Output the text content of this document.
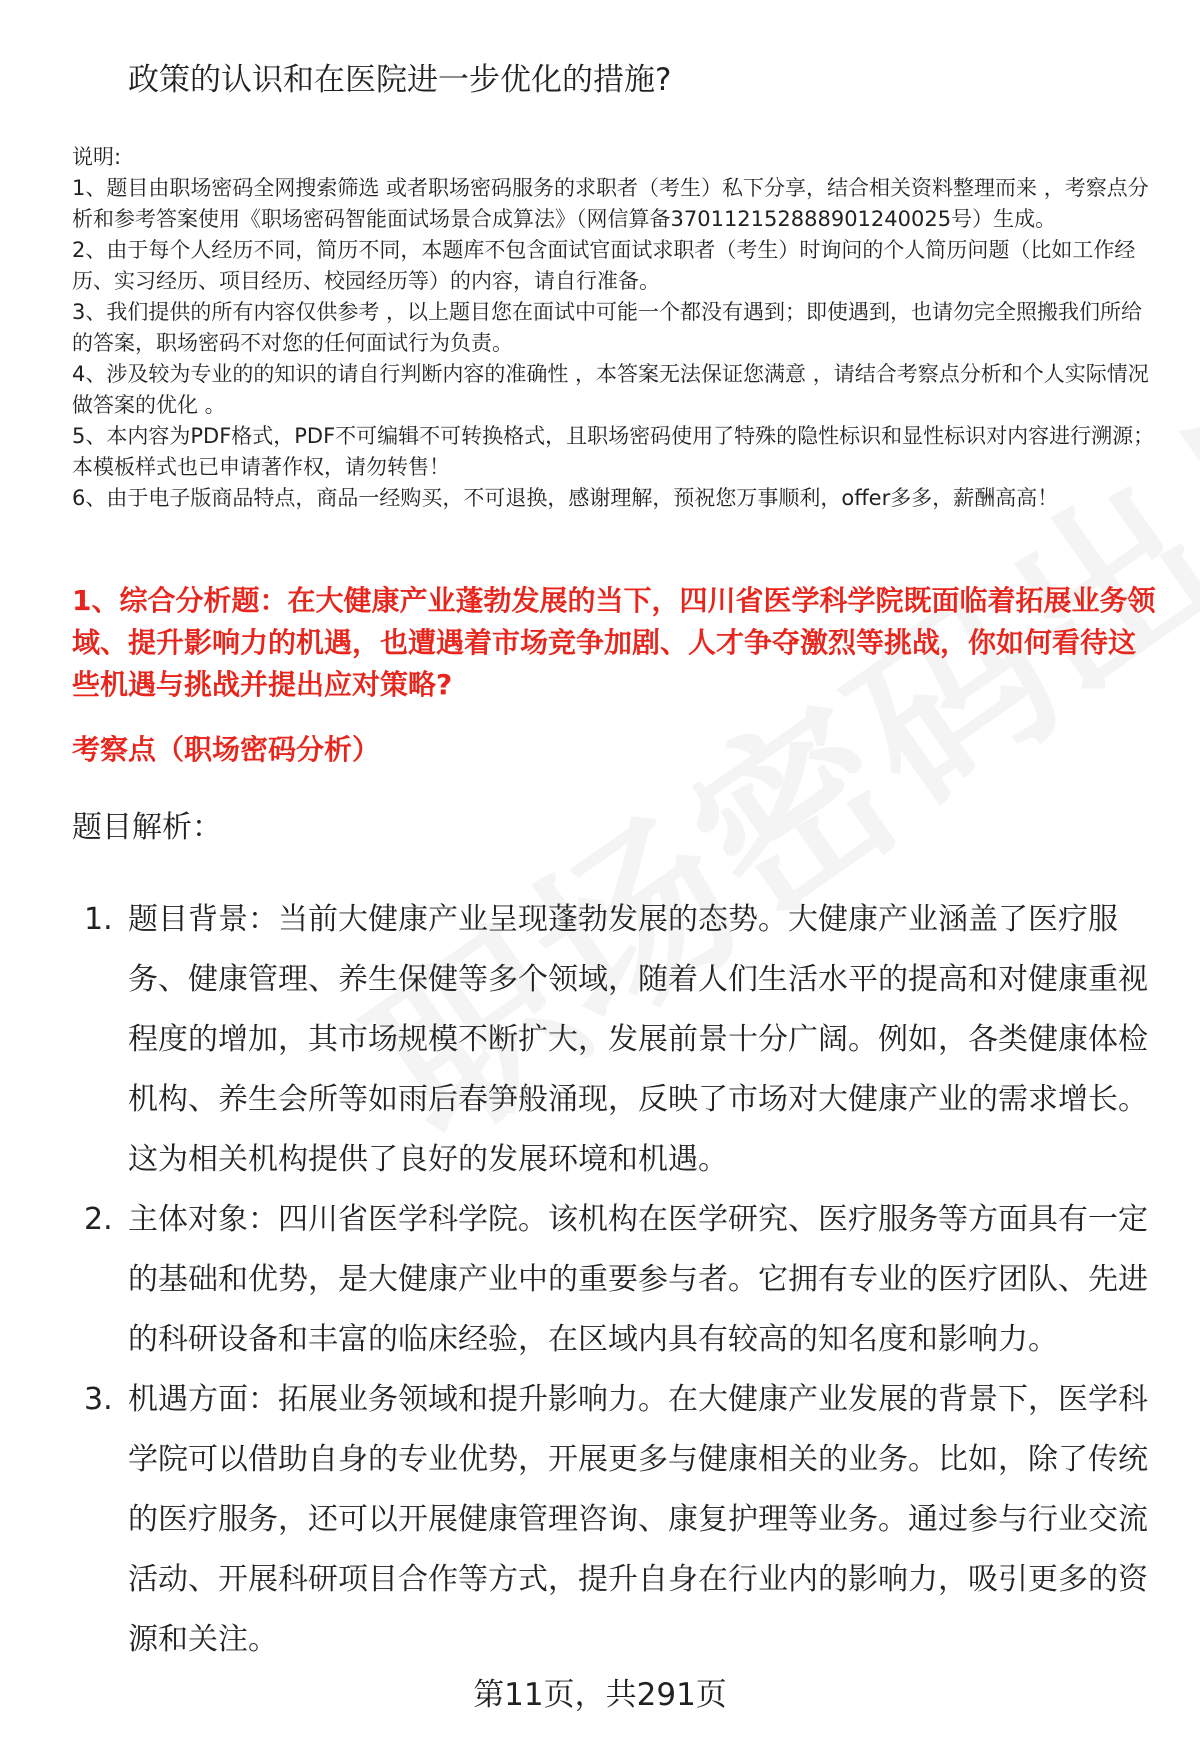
政策的认识和在医院进一步优化的措施?

说明:

1、题目由职场密码全网搜索筛选 或者职场密码服务的求职者（考生）私下分享，结合相关资料整理而来 ，考察点分析和参考答案使用《职场密码智能面试场景合成算法》（网信算备370112152888901240025号）生成。

2、由于每个人经历不同，简历不同，本题库不包含面试官面试求职者（考生）时询问的个人简历问题（比如工作经历、实习经历、项目经历、校园经历等）的内容，请自行准备。

3、我们提供的所有内容仅供参考 ，以上题目您在面试中可能一个都没有遇到；即使遇到，也请勿完全照搬我们所给的答案，职场密码不对您的任何面试行为负责。

4、涉及较为专业的的知识的请自行判断内容的准确性 ，本答案无法保证您满意 ，请结合考察点分析和个人实际情况做答案的优化 。

5、本内容为PDF格式，PDF不可编辑不可转换格式，且职场密码使用了特殊的隐性标识和显性标识对内容进行溯源；本模板样式也已申请著作权，请勿转售！

6、由于电子版商品特点，商品一经购买，不可退换，感谢理解，预祝您万事顺利，offer多多，薪酬高高！

1、综合分析题：在大健康产业蓬勃发展的当下，四川省医学科学院既面临着拓展业务领域、提升影响力的机遇，也遭遇着市场竞争加剧、人才争夺激烈等挑战，你如何看待这些机遇与挑战并提出应对策略?
考察点（职场密码分析）
题目解析：
1. 题目背景：当前大健康产业呈现蓬勃发展的态势。大健康产业涵盖了医疗服务、健康管理、养生保健等多个领域，随着人们生活水平的提高和对健康重视程度的增加，其市场规模不断扩大，发展前景十分广阔。例如，各类健康体检机构、养生会所等如雨后春笋般涌现，反映了市场对大健康产业的需求增长。这为相关机构提供了良好的发展环境和机遇。
2. 主体对象：四川省医学科学院。该机构在医学研究、医疗服务等方面具有一定的基础和优势，是大健康产业中的重要参与者。它拥有专业的医疗团队、先进的科研设备和丰富的临床经验，在区域内具有较高的知名度和影响力。
3. 机遇方面：拓展业务领域和提升影响力。在大健康产业发展的背景下，医学科学院可以借助自身的专业优势，开展更多与健康相关的业务。比如，除了传统的医疗服务，还可以开展健康管理咨询、康复护理等业务。通过参与行业交流活动、开展科研项目合作等方式，提升自身在行业内的影响力，吸引更多的资源和关注。
第11页，共291页
